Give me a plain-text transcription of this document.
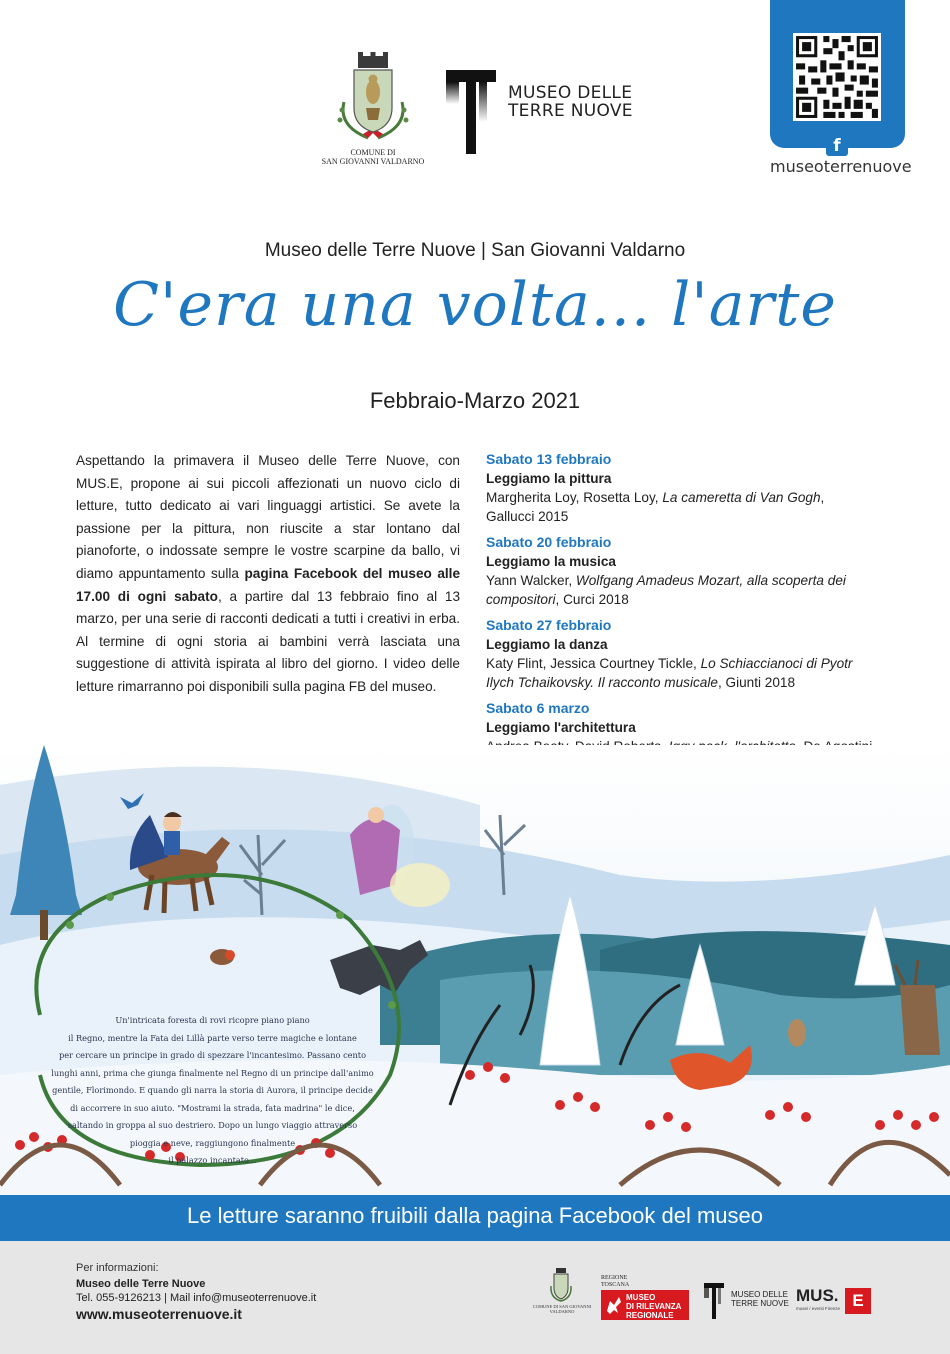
COMUNE DI
SAN GIOVANNI VALDARNO
MUSEO DELLE
TERRE NUOVE
f
museoterrenuove
Museo delle Terre Nuove | San Giovanni Valdarno
C'era una volta... l'arte
Febbraio-Marzo 2021
Aspettando la primavera il Museo delle Terre Nuove, con MUS.E, propone ai sui piccoli affezionati un nuovo ciclo di letture, tutto dedicato ai vari linguaggi artistici. Se avete la passione per la pittura, non riuscite a star lontano dal pianoforte, o indossate sempre le vostre scarpine da ballo, vi diamo appuntamento sulla pagina Facebook del museo alle 17.00 di ogni sabato, a partire dal 13 febbraio fino al 13 marzo, per una serie di racconti dedicati a tutti i creativi in erba. Al termine di ogni storia ai bambini verrà lasciata una suggestione di attività ispirata al libro del giorno. I video delle letture rimarranno poi disponibili sulla pagina FB del museo.
Sabato 13 febbraio
Leggiamo la pittura
Margherita Loy, Rosetta Loy, La cameretta di Van Gogh, Gallucci 2015
Sabato 20 febbraio
Leggiamo la musica
Yann Walcker, Wolfgang Amadeus Mozart, alla scoperta dei compositori, Curci 2018
Sabato 27 febbraio
Leggiamo la danza
Katy Flint, Jessica Courtney Tickle, Lo Schiaccianoci di Pyotr Ilych Tchaikovsky. Il racconto musicale, Giunti 2018
Sabato 6 marzo
Leggiamo l'architettura
Un'intricata foresta di rovi ricopre piano piano
il Regno, mentre la Fata dei Lillà parte verso terre magiche e lontane
per cercare un principe in grado di spezzare l'incantesimo. Passano cento
lunghi anni, prima che giunga finalmente nel Regno di un principe dall'animo
gentile, Florimondo. E quando gli narra la storia di Aurora, il principe decide
di accorrere in suo aiuto. "Mostrami la strada, fata madrina" le dice,
saltando in groppa al suo destriero. Dopo un lungo viaggio attraverso
pioggia e neve, raggiungono finalmente
il palazzo incantato...
Le letture saranno fruibili dalla pagina Facebook del museo
Per informazioni:
Museo delle Terre Nuove
Tel. 055-9126213 | Mail info@museoterrenuove.it
www.museoterrenuove.it	COMUNE DI SAN GIOVANNI VALDARNO
REGIONE
TOSCANA
MUSEO
DI RILEVANZA
REGIONALE
MUSEO DELLE
TERRE NUOVE MUS. E
musei / eventi Firenze
